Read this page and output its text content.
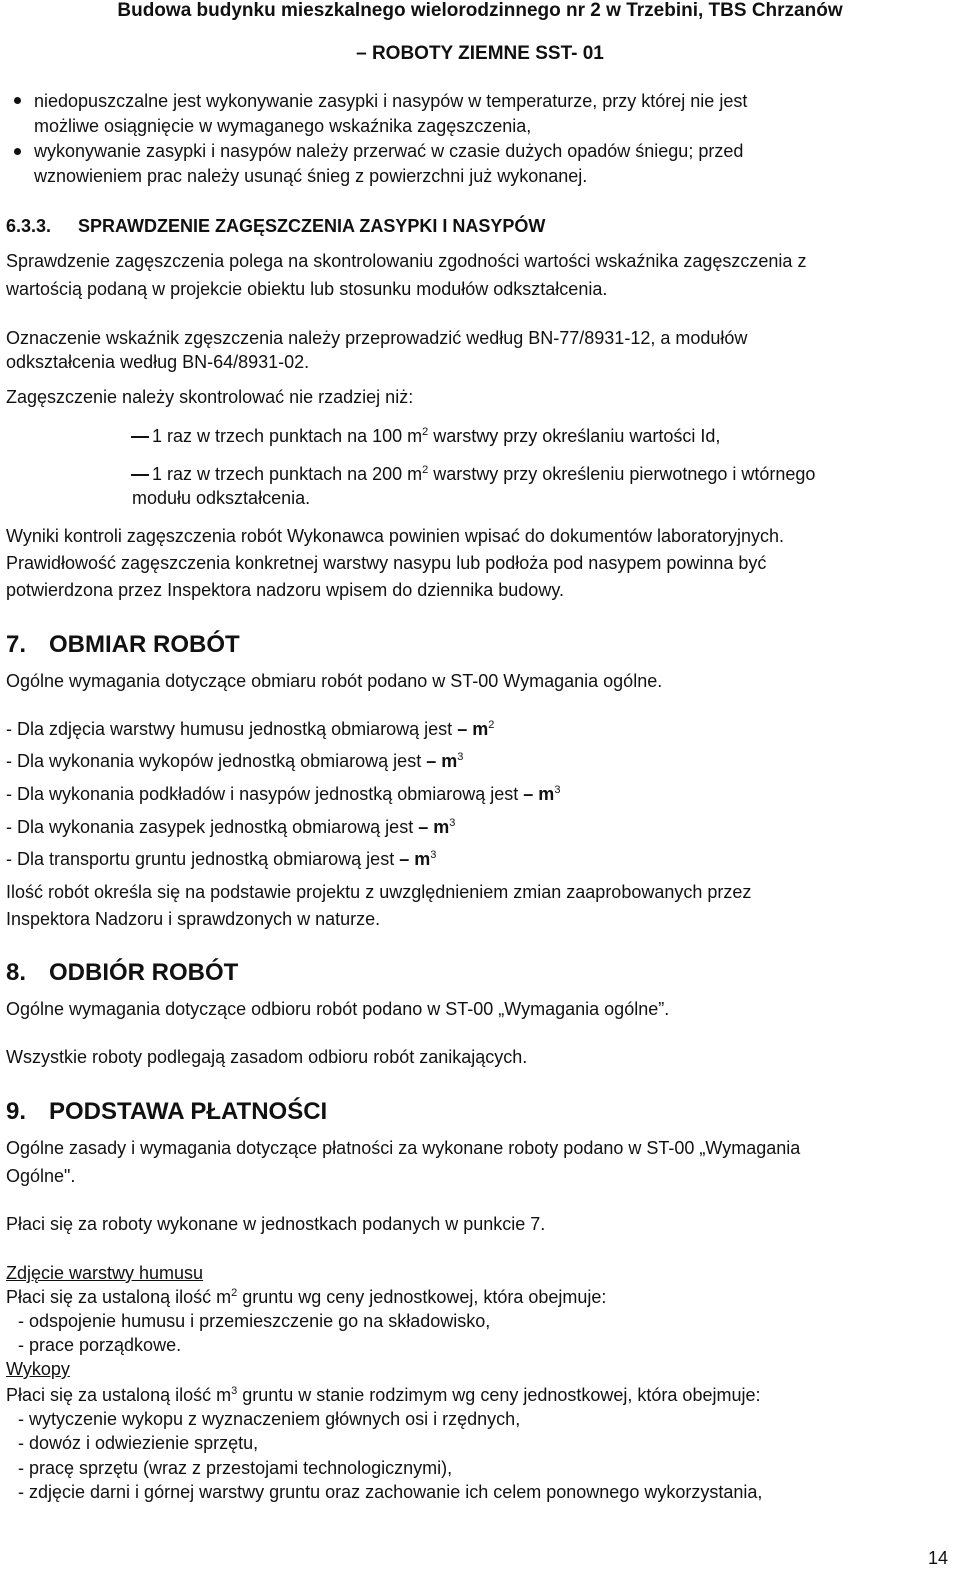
Budowa budynku mieszkalnego wielorodzinnego nr 2 w Trzebini, TBS Chrzanów
– ROBOTY ZIEMNE SST- 01
niedopuszczalne jest wykonywanie zasypki i nasypów w temperaturze, przy której nie jest
możliwe osiągnięcie w wymaganego wskaźnika zagęszczenia,
wykonywanie zasypki i nasypów należy przerwać w czasie dużych opadów śniegu; przed
wznowieniem prac należy usunąć śnieg z powierzchni już wykonanej.
6.3.3. SPRAWDZENIE ZAGĘSZCZENIA ZASYPKI I NASYPÓW
Sprawdzenie zagęszczenia polega na skontrolowaniu zgodności wartości wskaźnika zagęszczenia z
wartością podaną w projekcie obiektu lub stosunku modułów odkształcenia.
Oznaczenie wskaźnik zgęszczenia należy przeprowadzić według BN-77/8931-12, a modułów
odkształcenia według BN-64/8931-02.
Zagęszczenie należy skontrolować nie rzadziej niż:
1 raz w trzech punktach na 100 $m^2$ warstwy przy określaniu wartości Id,
1 raz w trzech punktach na 200 $m^2$ warstwy przy określeniu pierwotnego i wtórnego
modułu odkształcenia.
Wyniki kontroli zagęszczenia robót Wykonawca powinien wpisać do dokumentów laboratoryjnych.
Prawidłowość zagęszczenia konkretnej warstwy nasypu lub podłoża pod nasypem powinna być
potwierdzona przez Inspektora nadzoru wpisem do dziennika budowy.
7. OBMIAR ROBÓT
Ogólne wymagania dotyczące obmiaru robót podano w ST-00 Wymagania ogólne.
- Dla zdjęcia warstwy humusu jednostką obmiarową jest – $m^2$
- Dla wykonania wykopów jednostką obmiarową jest – $m^3$
- Dla wykonania podkładów i nasypów jednostką obmiarową jest – $m^3$
- Dla wykonania zasypek jednostką obmiarową jest – $m^3$
- Dla transportu gruntu jednostką obmiarową jest – $m^3$
Ilość robót określa się na podstawie projektu z uwzględnieniem zmian zaaprobowanych przez
Inspektora Nadzoru i sprawdzonych w naturze.
8. ODBIÓR ROBÓT
Ogólne wymagania dotyczące odbioru robót podano w ST-00 „Wymagania ogólne”.
Wszystkie roboty podlegają zasadom odbioru robót zanikających.
9. PODSTAWA PŁATNOŚCI
Ogólne zasady i wymagania dotyczące płatności za wykonane roboty podano w ST-00 „Wymagania
Ogólne".
Płaci się za roboty wykonane w jednostkach podanych w punkcie 7.
Zdjęcie warstwy humusu
Płaci się za ustaloną ilość $m^2$ gruntu wg ceny jednostkowej, która obejmuje:
- odspojenie humusu i przemieszczenie go na składowisko,
- prace porządkowe.
Wykopy
Płaci się za ustaloną ilość $m^3$ gruntu w stanie rodzimym wg ceny jednostkowej, która obejmuje:
- wytyczenie wykopu z wyznaczeniem głównych osi i rzędnych,
- dowóz i odwiezienie sprzętu,
- pracę sprzętu (wraz z przestojami technologicznymi),
- zdjęcie darni i górnej warstwy gruntu oraz zachowanie ich celem ponownego wykorzystania,
14
